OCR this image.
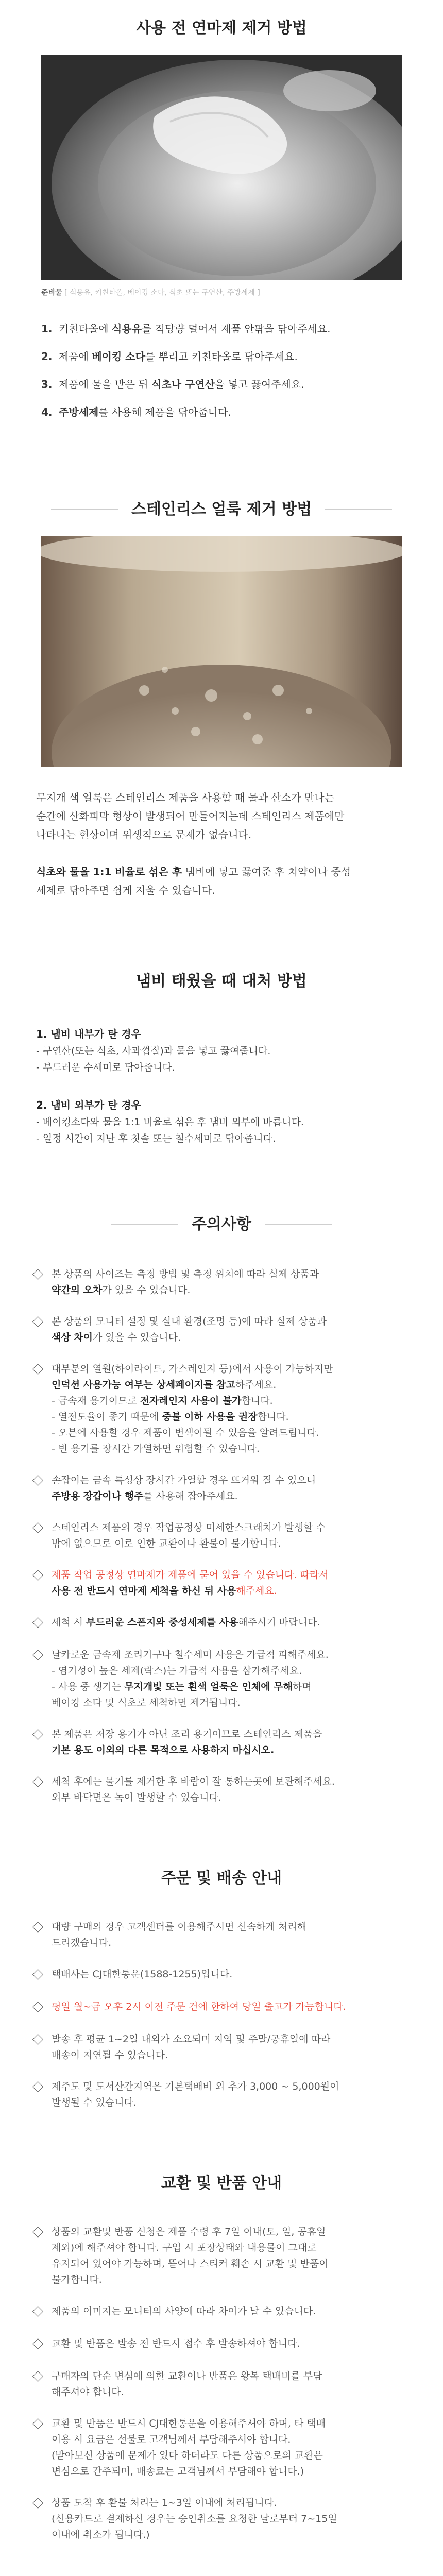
사용 전 연마제 제거 방법
준비물 [ 식용유, 키친타올, 베이킹 소다, 식초 또는 구연산, 주방세제 ]
1. 키친타올에 식용유를 적당량 덜어서 제품 안팎을 닦아주세요.
2. 제품에 베이킹 소다를 뿌리고 키친타올로 닦아주세요.
3. 제품에 물을 받은 뒤 식초나 구연산을 넣고 끓여주세요.
4. 주방세제를 사용해 제품을 닦아줍니다.
스테인리스 얼룩 제거 방법
무지개 색 얼룩은 스테인리스 제품을 사용할 때 물과 산소가 만나는
순간에 산화피막 형상이 발생되어 만들어지는데 스테인리스 제품에만
나타나는 현상이며 위생적으로 문제가 없습니다.
식초와 물을 1:1 비율로 섞은 후 냄비에 넣고 끓여준 후 치약이나 중성
세제로 닦아주면 쉽게 지울 수 있습니다.
냄비 태웠을 때 대처 방법
1. 냄비 내부가 탄 경우
- 구연산(또는 식초, 사과껍질)과 물을 넣고 끓여줍니다.
- 부드러운 수세미로 닦아줍니다.
2. 냄비 외부가 탄 경우
- 베이킹소다와 물을 1:1 비율로 섞은 후 냄비 외부에 바릅니다.
- 일정 시간이 지난 후 칫솔 또는 철수세미로 닦아줍니다.
주의사항
본 상품의 사이즈는 측정 방법 및 측정 위치에 따라 실제 상품과
약간의 오차가 있을 수 있습니다.
본 상품의 모니터 설정 및 실내 환경(조명 등)에 따라 실제 상품과
색상 차이가 있을 수 있습니다.
대부분의 열원(하이라이트, 가스레인지 등)에서 사용이 가능하지만
인덕션 사용가능 여부는 상세페이지를 참고하주세요.
- 금속재 용기이므로 전자레인지 사용이 불가합니다.
- 열전도율이 좋기 때문에 중불 이하 사용을 권장합니다.
- 오븐에 사용할 경우 제품이 변색이될 수 있음을 알려드립니다.
- 빈 용기를 장시간 가열하면 위험할 수 있습니다.
손잡이는 금속 특성상 장시간 가열할 경우 뜨거워 질 수 있으니
주방용 장갑이나 행주를 사용해 잡아주세요.
스테인리스 제품의 경우 작업공정상 미세한스크래치가 발생할 수
밖에 없으므로 이로 인한 교환이나 환불이 불가합니다.
제품 작업 공정상 연마제가 제품에 묻어 있을 수 있습니다. 따라서
사용 전 반드시 연마제 세척을 하신 뒤 사용해주세요.
세척 시 부드러운 스폰지와 중성세제를 사용해주시기 바랍니다.
날카로운 금속제 조리기구나 철수세미 사용은 가급적 피해주세요.
- 염기성이 높은 세제(락스)는 가급적 사용을 삼가해주세요.
- 사용 중 생기는 무지개빛 또는 흰색 얼룩은 인체에 무해하며
베이킹 소다 및 식초로 세척하면 제거됩니다.
본 제품은 저장 용기가 아닌 조리 용기이므로 스테인리스 제품을
기본 용도 이외의 다른 목적으로 사용하지 마십시오.
세척 후에는 물기를 제거한 후 바람이 잘 통하는곳에 보관해주세요.
외부 바닥면은 녹이 발생할 수 있습니다.
주문 및 배송 안내
대량 구매의 경우 고객센터를 이용해주시면 신속하게 처리해
드리겠습니다.
택배사는 CJ대한통운(1588-1255)입니다.
평일 월~금 오후 2시 이전 주문 건에 한하여 당일 출고가 가능합니다.
발송 후 평균 1~2일 내외가 소요되며 지역 및 주말/공휴일에 따라
배송이 지연될 수 있습니다.
제주도 및 도서산간지역은 기본택배비 외 추가 3,000 ~ 5,000원이
발생될 수 있습니다.
교환 및 반품 안내
상품의 교환및 반품 신청은 제품 수령 후 7일 이내(토, 일, 공휴일
제외)에 해주셔야 합니다. 구입 시 포장상태와 내용물이 그대로
유지되어 있어야 가능하며, 뜯어나 스티커 훼손 시 교환 및 반품이
불가합니다.
제품의 이미지는 모니터의 사양에 따라 차이가 날 수 있습니다.
교환 및 반품은 발송 전 반드시 접수 후 발송하셔야 합니다.
구매자의 단순 변심에 의한 교환이나 반품은 왕복 택배비를 부담
해주셔야 합니다.
교환 및 반품은 반드시 CJ대한통운을 이용해주셔야 하며, 타 택배
이용 시 요금은 선불로 고객님께서 부담해주셔야 합니다.
(받아보신 상품에 문제가 있다 하더라도 다른 상품으로의 교환은
변심으로 간주되며, 배송료는 고객님께서 부담해야 합니다.)
상품 도착 후 환불 처리는 1~3일 이내에 처리됩니다.
(신용카드로 결제하신 경우는 승인취소를 요청한 날로부터 7~15일
이내에 취소가 됩니다.)
